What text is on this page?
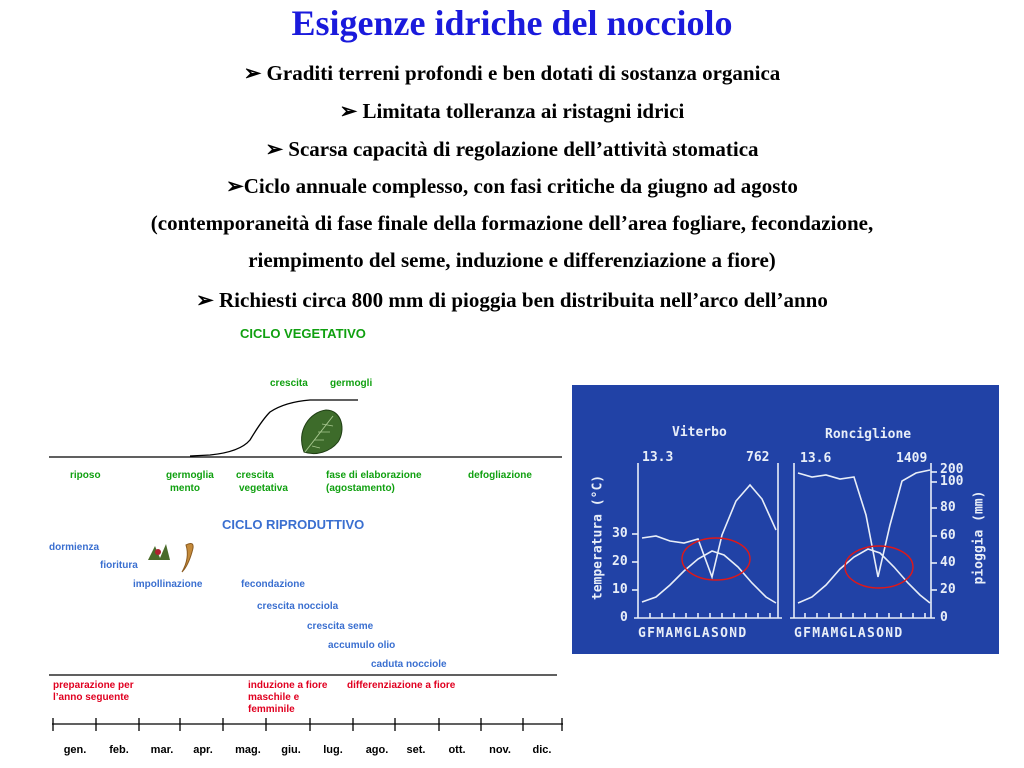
Esigenze idriche del nocciolo
➢ Graditi terreni profondi e ben dotati di sostanza organica
➢ Limitata tolleranza ai ristagni idrici
➢ Scarsa capacità di regolazione dell’attività stomatica
➢Ciclo annuale complesso, con fasi critiche da giugno ad agosto
(contemporaneità di fase finale della formazione dell’area fogliare, fecondazione,
riempimento del seme, induzione e differenziazione a fiore)
➢ Richiesti circa 800 mm di pioggia ben distribuita nell’arco dell’anno
CICLO VEGETATIVO
crescita germogli
riposo	germoglia
mento
crescita
vegetativa
fase di elaborazione
(agostamento)
defogliazione
CICLO RIPRODUTTIVO
dormienza
fioritura
impollinazione	fecondazione
crescita nocciola
crescita seme
accumulo olio
caduta nocciole
preparazione per
l’anno seguente
induzione a fiore
maschile e
femminile
differenziazione a fiore
gen.	feb.	mar.	apr.	mag.	giu.	lug.	ago.	set.	ott.	nov.	dic.
Viterbo
13.3	762
Ronciglione
13.6	1409
temperatura (°C)	pioggia (mm)
30
20
10
0
200
100
80
60
40
20
0
GFMAMGLASOND	GFMAMGLASOND
